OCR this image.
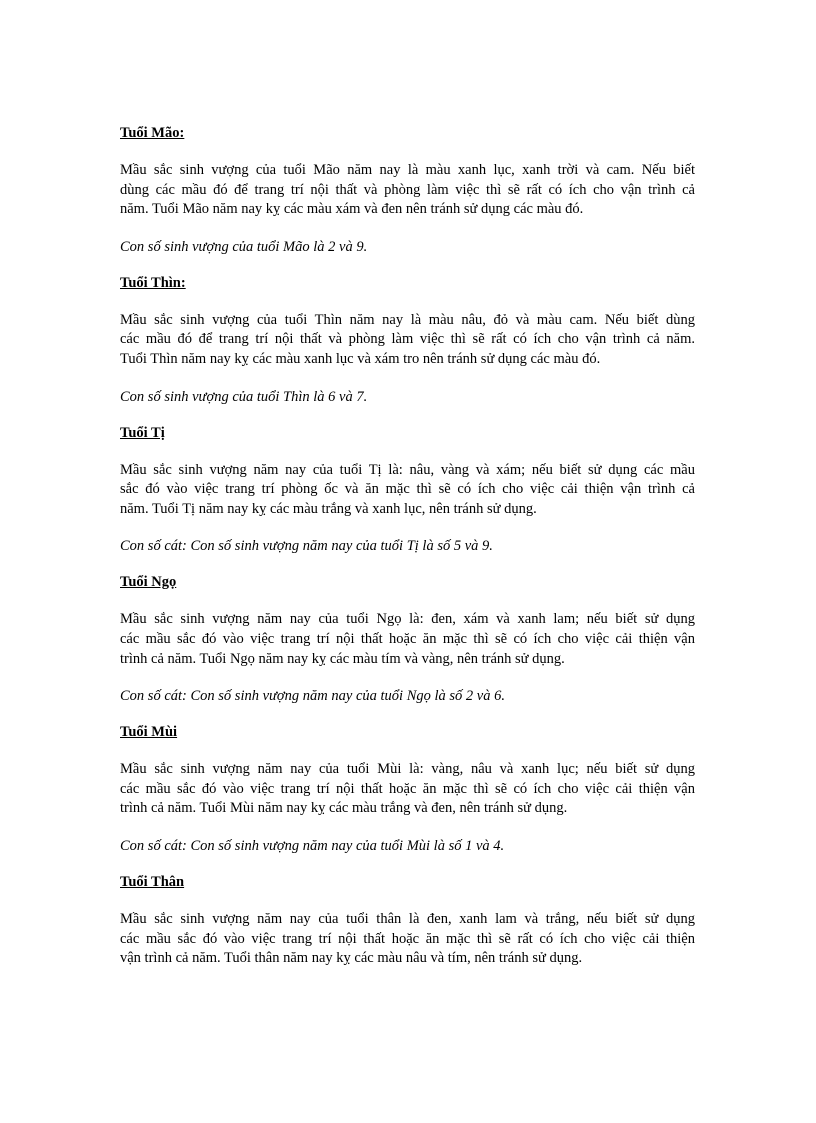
Tuổi Mão:

Mầu sắc sinh vượng của tuổi Mão năm nay là màu xanh lục, xanh trời và cam. Nếu biết

dùng các mầu đó để trang trí nội thất và phòng làm việc thì sẽ rất có ích cho vận trình cả

năm. Tuổi Mão năm nay kỵ các màu xám và đen nên tránh sử dụng các màu đó.

Con số sinh vượng của tuổi Mão là 2 và 9.

Tuổi Thìn:

Mầu sắc sinh vượng của tuổi Thìn năm nay là màu nâu, đỏ và màu cam. Nếu biết dùng

các mầu đó để trang trí nội thất và phòng làm việc thì sẽ rất có ích cho vận trình cả năm.

Tuổi Thìn năm nay kỵ các màu xanh lục và xám tro nên tránh sử dụng các màu đó.

Con số sinh vượng của tuổi Thìn là 6 và 7.

Tuổi Tị

Mầu sắc sinh vượng năm nay của tuổi Tị là: nâu, vàng và xám; nếu biết sử dụng các mầu

sắc đó vào việc trang trí phòng ốc và ăn mặc thì sẽ có ích cho việc cải thiện vận trình cả

năm. Tuổi Tị năm nay kỵ các màu trắng và xanh lục, nên tránh sử dụng.

Con số cát: Con số sinh vượng năm nay của tuổi Tị là số 5 và 9.

Tuổi Ngọ

Mầu sắc sinh vượng năm nay của tuổi Ngọ là: đen, xám và xanh lam; nếu biết sử dụng

các mầu sắc đó vào việc trang trí nội thất hoặc ăn mặc thì sẽ có ích cho việc cải thiện vận

trình cả năm. Tuổi Ngọ năm nay kỵ các màu tím và vàng, nên tránh sử dụng.

Con số cát: Con số sinh vượng năm nay của tuổi Ngọ là số 2 và 6.

Tuổi Mùi

Mầu sắc sinh vượng năm nay của tuổi Mùi là: vàng, nâu và xanh lục; nếu biết sử dụng

các mầu sắc đó vào việc trang trí nội thất hoặc ăn mặc thì sẽ có ích cho việc cải thiện vận

trình cả năm. Tuổi Mùi năm nay kỵ các màu trắng và đen, nên tránh sử dụng.

Con số cát: Con số sinh vượng năm nay của tuổi Mùi là số 1 và 4.

Tuổi Thân

Mầu sắc sinh vượng năm nay của tuổi thân là đen, xanh lam và trắng, nếu biết sử dụng

các mầu sắc đó vào việc trang trí nội thất hoặc ăn mặc thì sẽ rất có ích cho việc cải thiện

vận trình cả năm. Tuổi thân năm nay kỵ các màu nâu và tím, nên tránh sử dụng.
